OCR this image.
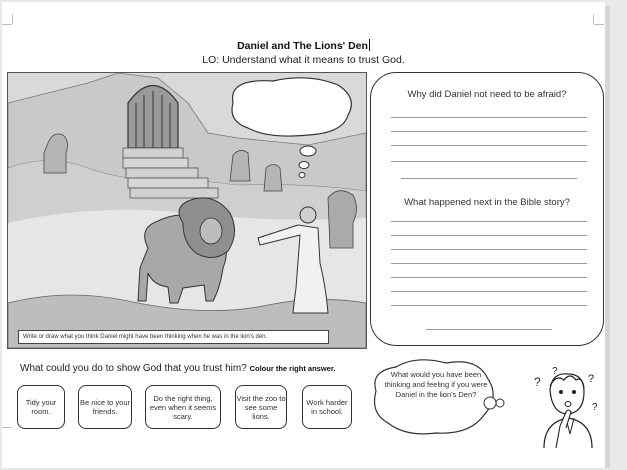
Daniel and The Lions' Den
LO: Understand what it means to trust God.
Write or draw what you think Daniel might have been thinking when he was in the lion's den.
Why did Daniel not need to be afraid?
What happened next in the Bible story?
What could you do to show God that you trust him? Colour the right answer.
Tidy your room.
Be nice to your friends.
Do the right thing, even when it seems scary.
Visit the zoo to see some lions.
Work harder in school.
What would you have been thinking and feeling if you were Daniel in the lion's Den?
?
?
?
?
